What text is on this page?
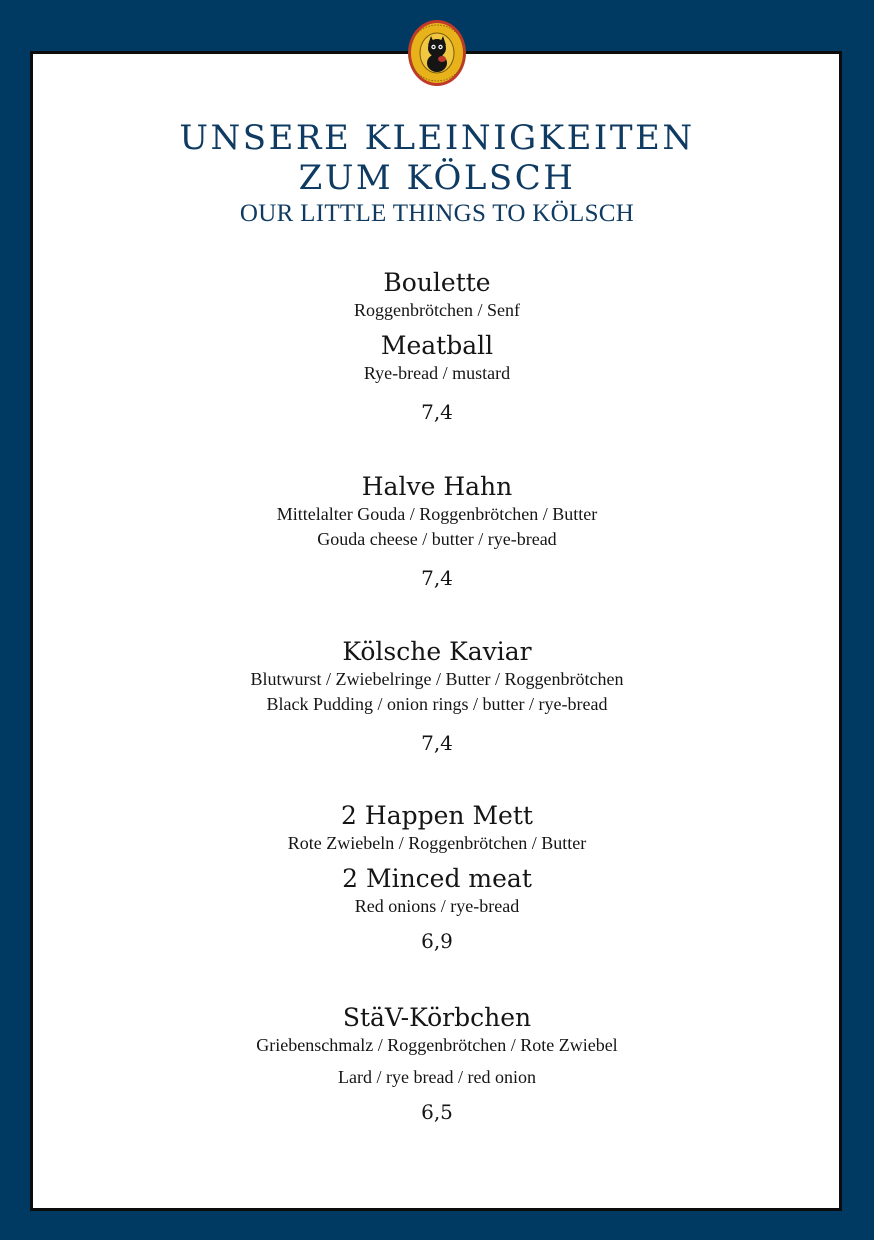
UNSERE KLEINIGKEITEN
ZUM KÖLSCH
OUR LITTLE THINGS TO KÖLSCH
Boulette
Roggenbrötchen / Senf
Meatball
Rye-bread / mustard
7,4
Halve Hahn
Mittelalter Gouda / Roggenbrötchen / Butter
Gouda cheese / butter / rye-bread
7,4
Kölsche Kaviar
Blutwurst / Zwiebelringe / Butter / Roggenbrötchen
Black Pudding / onion rings / butter / rye-bread
7,4
2 Happen Mett
Rote Zwiebeln / Roggenbrötchen / Butter
2 Minced meat
Red onions / rye-bread
6,9
StäV-Körbchen
Griebenschmalz / Roggenbrötchen / Rote Zwiebel
Lard / rye bread / red onion
6,5
